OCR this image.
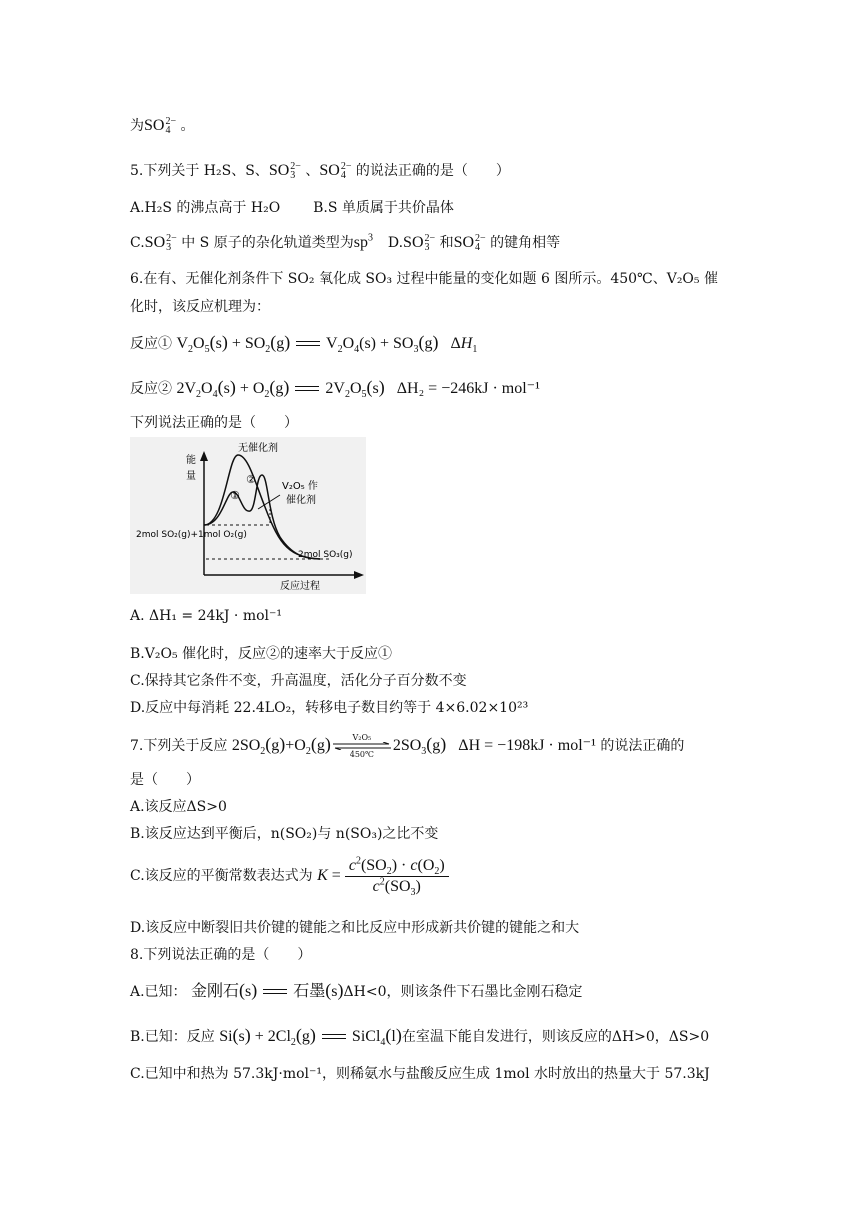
为SO 2−
4 。
5.下列关于 H₂S、S、SO 2−
3 、SO 2−
4 的说法正确的是（　　）
A.H₂S 的沸点高于 H₂O B.S 单质属于共价晶体
C.SO 2−
3 中 S 原子的杂化轨道类型为$sp^3$ D.SO 2−
3 和SO 2−
4 的键角相等
6.在有、无催化剂条件下 SO₂ 氧化成 SO₃ 过程中能量的变化如题 6 图所示。450℃、V₂O₅ 催
化时，该反应机理为：
反应① $V_2O_5(s) + SO_2(g) V_2O_4(s) + SO_3(g)$   $\Delta H_1$
反应② $2V_2O_4(s) + O_2(g)$  $2V_2O_5(s) \Delta H_2 = -246kJ \cdot mol^{-1}$
下列说法正确的是（　　）
能
量
无催化剂
V₂O₅ 作
催化剂
①
②
2mol SO₂(g)+1mol O₂(g)
2mol SO₃(g)
反应过程
A. ΔH₁ = 24kJ · mol⁻¹
B.V₂O₅ 催化时，反应②的速率大于反应①
C.保持其它条件不变，升高温度，活化分子百分数不变
D.反应中每消耗 22.4LO₂，转移电子数目约等于 4×6.02×10²³
7.下列关于反应 $2SO_2(g)+O_2(g)$	V₂O₅
450℃
$2SO_3(g) \Delta H = -198kJ \cdot mol^{-1}$ 的说法正确的
是（　　）
A.该反应ΔS>0
B.该反应达到平衡后，n(SO₂)与 n(SO₃)之比不变
C.该反应的平衡常数表达式为 $K = \frac{c^2(SO_2) \cdot c(O_2)}{c^2(SO_3)}$
D.该反应中断裂旧共价键的键能之和比反应中形成新共价键的键能之和大
8.下列说法正确的是（　　）
A.已知： 金刚石(s)  石墨(s)ΔH<0，则该条件下石墨比金刚石稳定
B.已知：反应 $Si(s) + 2Cl_2(g)$  SiCl$_4$(l)在室温下能自发进行，则该反应的ΔH>0，ΔS>0
C.已知中和热为 57.3kJ·mol⁻¹，则稀氨水与盐酸反应生成 1mol 水时放出的热量大于 57.3kJ
